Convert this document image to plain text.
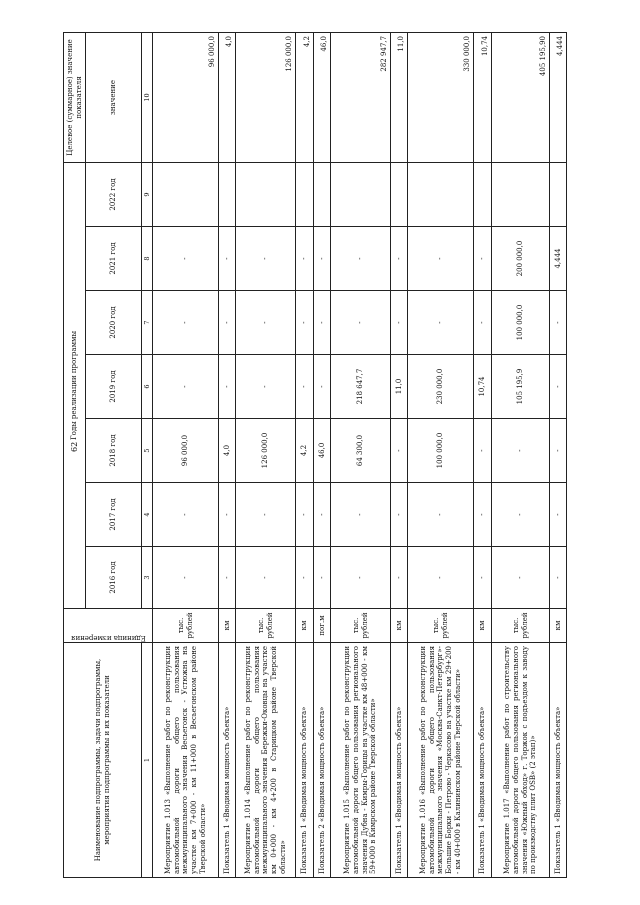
62
Наименование подпрограммы, задачи подпрограммы, мероприятия подпрограммы и их показатели	Единица измерения	Годы реализации программы							Целевое (суммарное) значение показателя
		2016 год	2017 год	2018 год	2019 год	2020 год	2021 год	2022 год	значение
1		3	4	5	6	7	8	9	10
Мероприятие 1.013 «Выполнение работ по реконструкции автомобильной дороги общего пользования межмуниципального значения Весьегонск - Устюжна на участке км 7+000 - км 11+000 в Весьегонском районе Тверской области»	тыс. рублей	-	-	96 000,0	-	-	-		96 000,0
Показатель 1 «Вводимая мощность объекта»	км	-	-	4,0	-	-	-		4,0
Мероприятие 1.014 «Выполнение работ по реконструкции автомобильной дороги общего пользования межмуниципального значения Бережки-Оковцы на участке км 0+000 - км 4+200 в Старицком районе Тверской области»	тыс. рублей	-	-	126 000,0	-	-	-		126 000,0
Показатель 1 «Вводимая мощность объекта»	км	-	-	4,2	-	-	-		4,2
Показатель 2 «Вводимая мощность объекта»	пог.м	-	-	46,0	-	-	-		46,0
Мероприятие 1.015 «Выполнение работ по реконструкции автомобильной дороги общего пользования регионального значения Дубна - Кимры-Горицы на участке км 48+000 - км 59+000 в Кимрском районе Тверской области»	тыс. рублей	-	-	64 300,0	218 647,7	-	-		282 947,7
Показатель 1 «Вводимая мощность объекта»	км	-	-	-	11,0	-	-		11,0
Мероприятие 1.016 «Выполнение работ по реконструкции автомобильной дороги общего пользования межмуниципального значения «Москва-Санкт-Петербург»-Большие Борки - Петрово - Черкасово на участке км 29+200 - км 40+000 в Калининском районе Тверской области»	тыс. рублей	-	-	100 000,0	230 000,0	-	-		330 000,0
Показатель 1 «Вводимая мощность объекта»	км	-	-	-	10,74	-	-		10,74
Мероприятие 1.017 «Выполнение работ по строительству автомобильной дороги общего пользования регионального значения «Южный обход» г. Торжок с подъездом к заводу по производству плит OSB» (2 этап)»	тыс. рублей	-	-	-	105 195,9	100 000,0	200 000,0		405 195,90
Показатель 1 «Вводимая мощность объекта»	км	-	-	-	-	-	4,444		4,444
